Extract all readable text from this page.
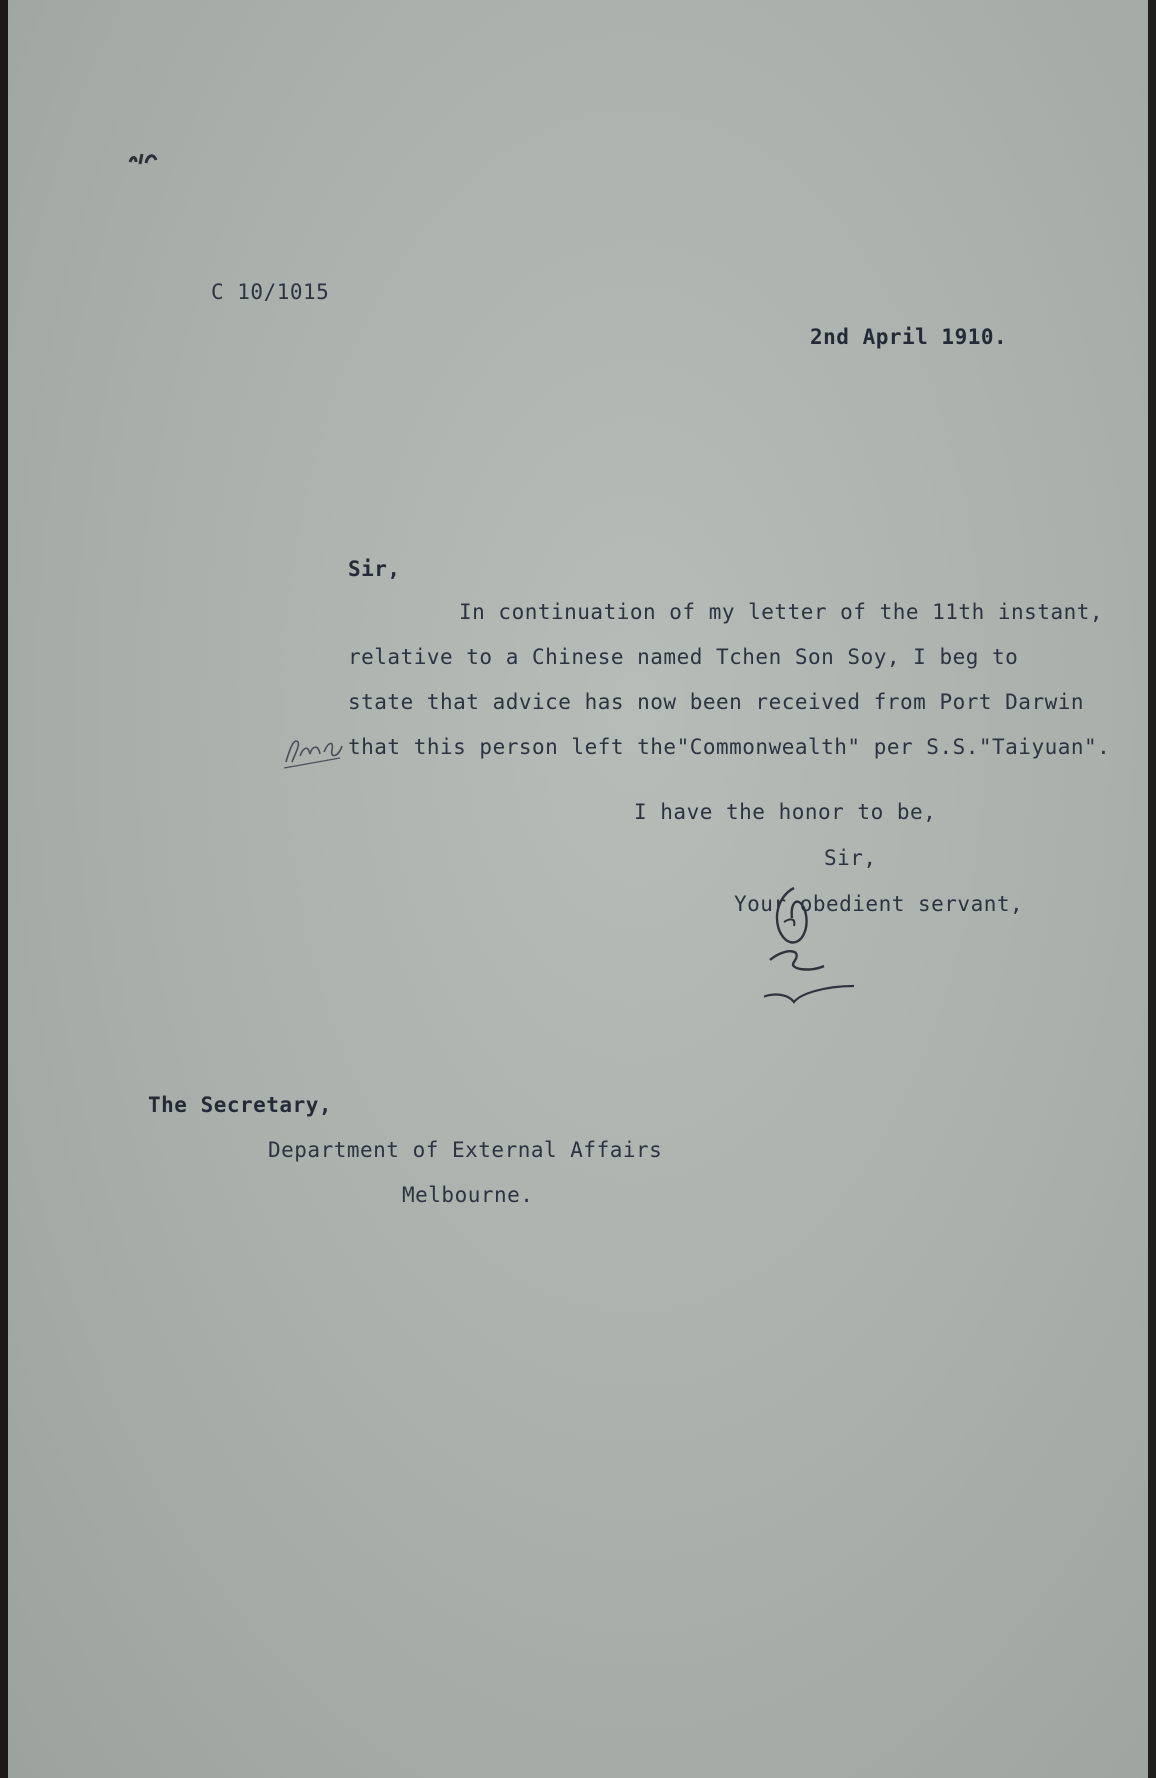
C 10/1015
2nd April 1910.
Sir,
In continuation of my letter of the 11th instant,
relative to a Chinese named Tchen Son Soy, I beg to
state that advice has now been received from Port Darwin
that this person left the"Commonwealth" per S.S."Taiyuan".
I have the honor to be,
Sir,
Your obedient servant,
The Secretary,
Department of External Affairs
Melbourne.
